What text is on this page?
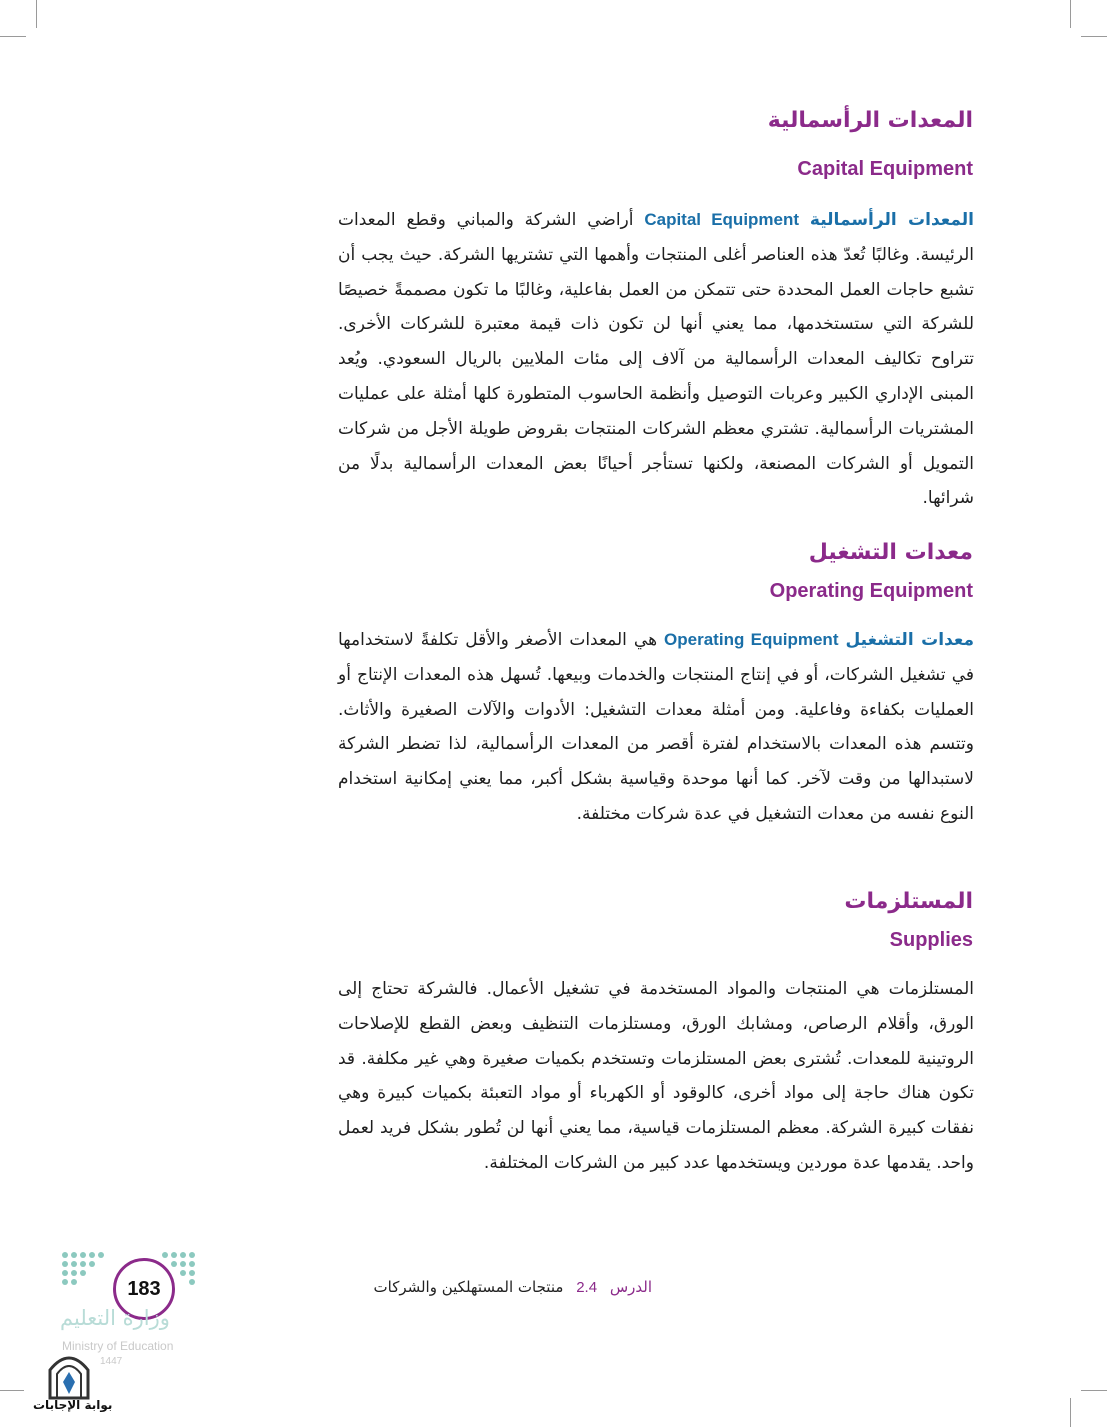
المعدات الرأسمالية
Capital Equipment
المعدات الرأسمالية Capital Equipment أراضي الشركة والمباني وقطع المعدات الرئيسة. وغالبًا تُعدّ هذه العناصر أغلى المنتجات وأهمها التي تشتريها الشركة. حيث يجب أن تشبع حاجات العمل المحددة حتى تتمكن من العمل بفاعلية، وغالبًا ما تكون مصممةً خصيصًا للشركة التي ستستخدمها، مما يعني أنها لن تكون ذات قيمة معتبرة للشركات الأخرى. تتراوح تكاليف المعدات الرأسمالية من آلاف إلى مئات الملايين بالريال السعودي. ويُعد المبنى الإداري الكبير وعربات التوصيل وأنظمة الحاسوب المتطورة كلها أمثلة على عمليات المشتريات الرأسمالية. تشتري معظم الشركات المنتجات بقروض طويلة الأجل من شركات التمويل أو الشركات المصنعة، ولكنها تستأجر أحيانًا بعض المعدات الرأسمالية بدلًا من شرائها.
معدات التشغيل
Operating Equipment
معدات التشغيل Operating Equipment هي المعدات الأصغر والأقل تكلفةً لاستخدامها في تشغيل الشركات، أو في إنتاج المنتجات والخدمات وبيعها. تُسهل هذه المعدات الإنتاج أو العمليات بكفاءة وفاعلية. ومن أمثلة معدات التشغيل: الأدوات والآلات الصغيرة والأثاث. وتتسم هذه المعدات بالاستخدام لفترة أقصر من المعدات الرأسمالية، لذا تضطر الشركة لاستبدالها من وقت لآخر. كما أنها موحدة وقياسية بشكل أكبر، مما يعني إمكانية استخدام النوع نفسه من معدات التشغيل في عدة شركات مختلفة.
المستلزمات
Supplies
المستلزمات هي المنتجات والمواد المستخدمة في تشغيل الأعمال. فالشركة تحتاج إلى الورق، وأقلام الرصاص، ومشابك الورق، ومستلزمات التنظيف وبعض القطع للإصلاحات الروتينية للمعدات. تُشترى بعض المستلزمات وتستخدم بكميات صغيرة وهي غير مكلفة. قد تكون هناك حاجة إلى مواد أخرى، كالوقود أو الكهرباء أو مواد التعبئة بكميات كبيرة وهي نفقات كبيرة الشركة. معظم المستلزمات قياسية، مما يعني أنها لن تُطور بشكل فريد لعمل واحد. يقدمها عدة موردين ويستخدمها عدد كبير من الشركات المختلفة.
الدرس 2.4 منتجات المستهلكين والشركات
183
وزارة التعليم
Ministry of Education
1447
بوابة الإجابات
